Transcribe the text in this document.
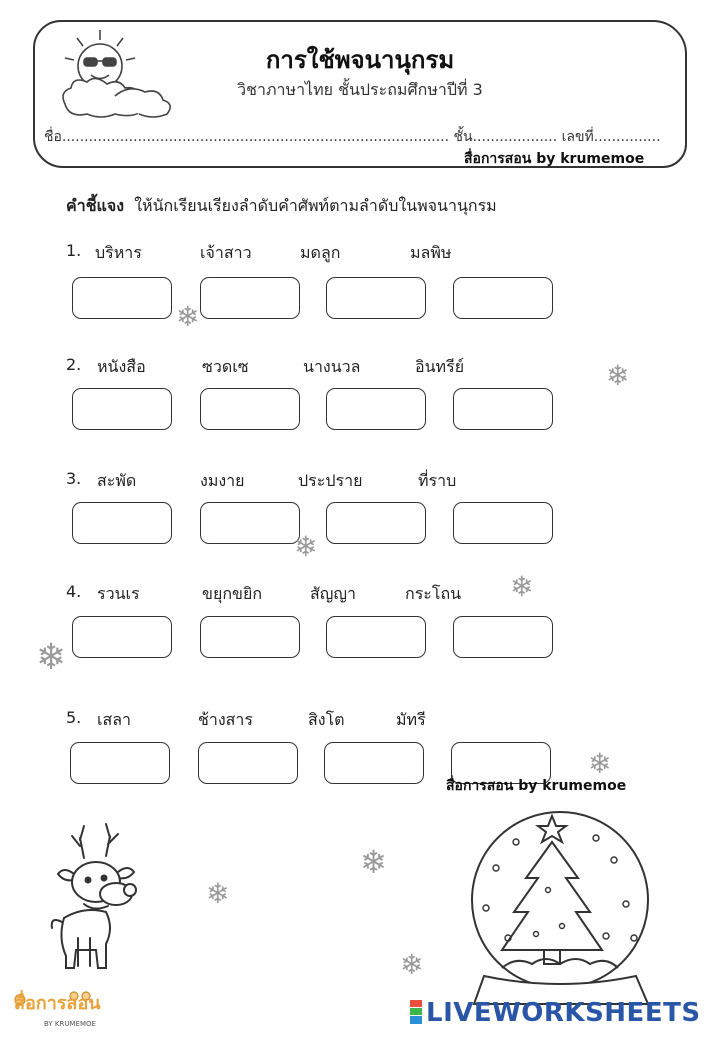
การใช้พจนานุกรม
วิชาภาษาไทย ชั้นประถมศึกษาปีที่ 3
ชื่อ....................................................................................... ชั้น................... เลขที่...............
สื่อการสอน by krumemoe
คำชี้แจง ให้นักเรียนเรียงลำดับคำศัพท์ตามลำดับในพจนานุกรม
1. บริหาร	เจ้าสาว	มดลูก	มลพิษ
2. หนังสือ	ซวดเซ	นางนวล	อินทรีย์
3. สะพัด	งมงาย	ประปราย	ที่ราบ
4. รวนเร	ขยุกขยิก	สัญญา	กระโถน
5. เสลา	ช้างสาร	สิงโต	มัทรี
สื่อการสอน by krumemoe
❄
❄
❄
❄
❄
❄
❄
❄
❄
สื่อการสอน
BY KRUMEMOE	LIVEWORKSHEETS
